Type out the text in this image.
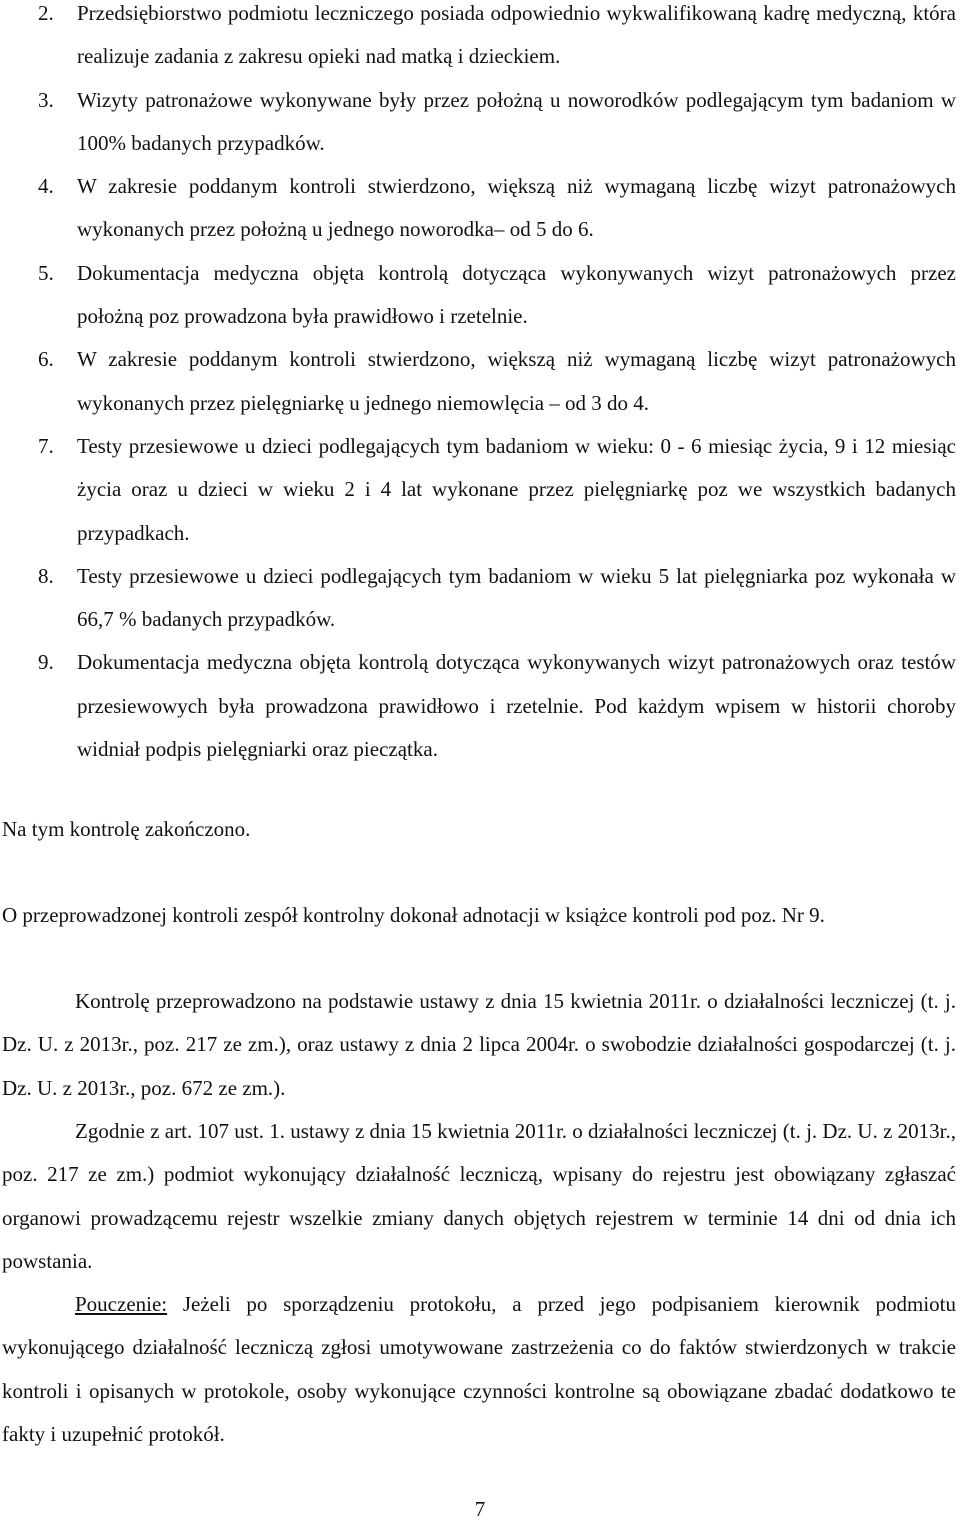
2. Przedsiębiorstwo podmiotu leczniczego posiada odpowiednio wykwalifikowaną kadrę medyczną, która realizuje zadania z zakresu opieki nad matką i dzieckiem.

3. Wizyty patronażowe wykonywane były przez położną u noworodków podlegającym tym badaniom w 100% badanych przypadków.

4. W zakresie poddanym kontroli stwierdzono, większą niż wymaganą liczbę wizyt patronażowych wykonanych przez położną u jednego noworodka– od 5 do 6.

5. Dokumentacja medyczna objęta kontrolą dotycząca wykonywanych wizyt patronażowych przez położną poz prowadzona była prawidłowo i rzetelnie.

6. W zakresie poddanym kontroli stwierdzono, większą niż wymaganą liczbę wizyt patronażowych wykonanych przez pielęgniarkę u jednego niemowlęcia – od 3 do 4.

7. Testy przesiewowe u dzieci podlegających tym badaniom w wieku: 0 - 6 miesiąc życia, 9 i 12 miesiąc życia oraz u dzieci w wieku 2 i 4 lat wykonane przez pielęgniarkę poz we wszystkich badanych przypadkach.

8. Testy przesiewowe u dzieci podlegających tym badaniom w wieku 5 lat pielęgniarka poz wykonała w 66,7 % badanych przypadków.

9. Dokumentacja medyczna objęta kontrolą dotycząca wykonywanych wizyt patronażowych oraz testów przesiewowych była prowadzona prawidłowo i rzetelnie. Pod każdym wpisem w historii choroby widniał podpis pielęgniarki oraz pieczątka.

Na tym kontrolę zakończono.

O przeprowadzonej kontroli zespół kontrolny dokonał adnotacji w książce kontroli pod poz. Nr 9.

Kontrolę przeprowadzono na podstawie ustawy z dnia 15 kwietnia 2011r. o działalności leczniczej (t. j. Dz. U. z 2013r., poz. 217 ze zm.), oraz ustawy z dnia 2 lipca 2004r. o swobodzie działalności gospodarczej (t. j. Dz. U. z 2013r., poz. 672 ze zm.).

Zgodnie z art. 107 ust. 1. ustawy z dnia 15 kwietnia 2011r. o działalności leczniczej (t. j. Dz. U. z 2013r., poz. 217 ze zm.) podmiot wykonujący działalność leczniczą, wpisany do rejestru jest obowiązany zgłaszać organowi prowadzącemu rejestr wszelkie zmiany danych objętych rejestrem w terminie 14 dni od dnia ich powstania.

Pouczenie: Jeżeli po sporządzeniu protokołu, a przed jego podpisaniem kierownik podmiotu wykonującego działalność leczniczą zgłosi umotywowane zastrzeżenia co do faktów stwierdzonych w trakcie kontroli i opisanych w protokole, osoby wykonujące czynności kontrolne są obowiązane zbadać dodatkowo te fakty i uzupełnić protokół.

7
